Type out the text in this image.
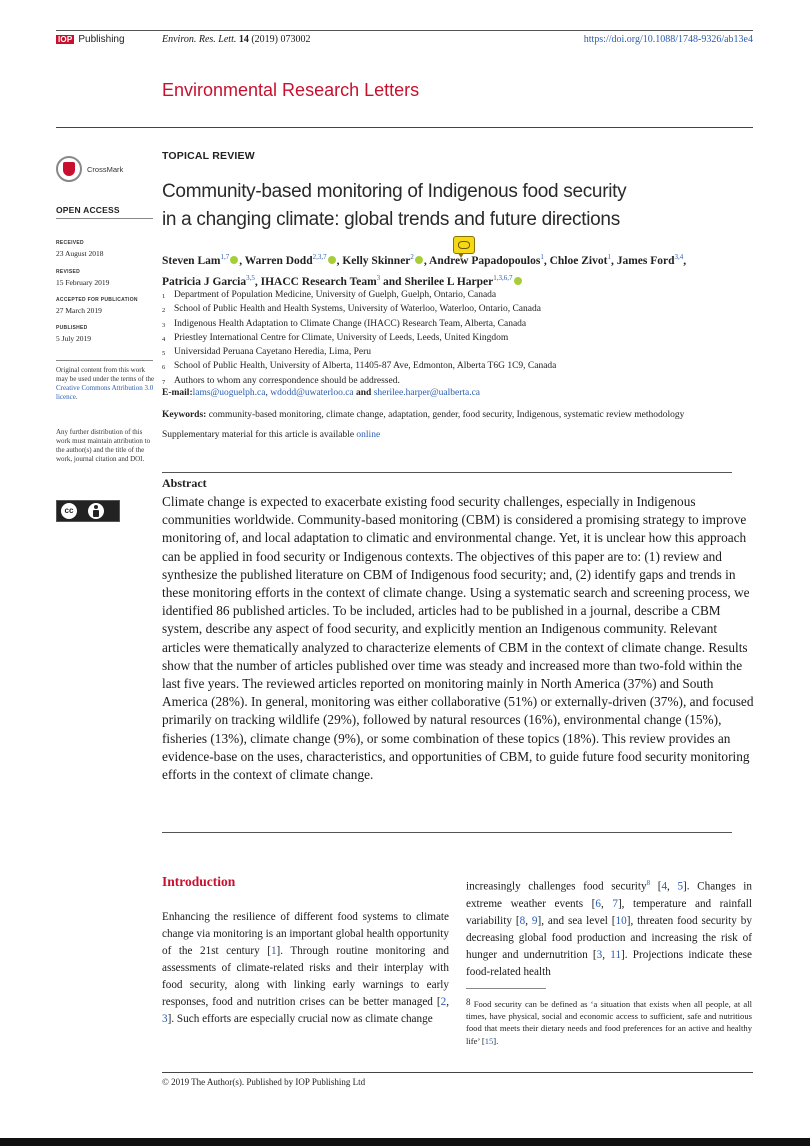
IOP Publishing	Environ. Res. Lett. 14 (2019) 073002	https://doi.org/10.1088/1748-9326/ab13e4
Environmental Research Letters
CrossMark
OPEN ACCESS
RECEIVED
23 August 2018
REVISED
15 February 2019
ACCEPTED FOR PUBLICATION
27 March 2019
PUBLISHED
5 July 2019
Original content from this work may be used under the terms of the Creative Commons Attribution 3.0 licence.
Any further distribution of this work must maintain attribution to the author(s) and the title of the work, journal citation and DOI.
cc
TOPICAL REVIEW
Community-based monitoring of Indigenous food security
in a changing climate: global trends and future directions
Steven Lam$^{1,7}$ , Warren Dodd$^{2,3,7}$ , Kelly Skinner$^2$ , Andrew Papadopoulos$^1$, Chloe Zivot$^1$, James Ford$^{3,4}$,
Patricia J Garcia$^{3,5}$, IHACC Research Team$^3$ and Sherilee L Harper$^{1,3,6,7}$
1 Department of Population Medicine, University of Guelph, Guelph, Ontario, Canada
2 School of Public Health and Health Systems, University of Waterloo, Waterloo, Ontario, Canada
3 Indigenous Health Adaptation to Climate Change (IHACC) Research Team, Alberta, Canada
4 Priestley International Centre for Climate, University of Leeds, Leeds, United Kingdom
5 Universidad Peruana Cayetano Heredia, Lima, Peru
6 School of Public Health, University of Alberta, 11405-87 Ave, Edmonton, Alberta T6G 1C9, Canada
7 Authors to whom any correspondence should be addressed.
E-mail:lams@uoguelph.ca, wdodd@uwaterloo.ca and sherilee.harper@ualberta.ca
Keywords: community-based monitoring, climate change, adaptation, gender, food security, Indigenous, systematic review methodology
Supplementary material for this article is available online
Abstract
Climate change is expected to exacerbate existing food security challenges, especially in Indigenous communities worldwide. Community-based monitoring (CBM) is considered a promising strategy to improve monitoring of, and local adaptation to climatic and environmental change. Yet, it is unclear how this approach can be applied in food security or Indigenous contexts. The objectives of this paper are to: (1) review and synthesize the published literature on CBM of Indigenous food security; and, (2) identify gaps and trends in these monitoring efforts in the context of climate change. Using a systematic search and screening process, we identified 86 published articles. To be included, articles had to be published in a journal, describe a CBM system, describe any aspect of food security, and explicitly mention an Indigenous community. Relevant articles were thematically analyzed to characterize elements of CBM in the context of climate change. Results show that the number of articles published over time was steady and increased more than two-fold within the last five years. The reviewed articles reported on monitoring mainly in North America (37%) and South America (28%). In general, monitoring was either collaborative (51%) or externally-driven (37%), and focused primarily on tracking wildlife (29%), followed by natural resources (16%), environmental change (15%), fisheries (13%), climate change (9%), or some combination of these topics (18%). This review provides an evidence-base on the uses, characteristics, and opportunities of CBM, to guide future food security monitoring efforts in the context of climate change.
Introduction
Enhancing the resilience of different food systems to climate change via monitoring is an important global health opportunity of the 21st century [1]. Through routine monitoring and assessments of climate-related risks and their interplay with food security, along with linking early warnings to early responses, food and nutrition crises can be better managed [2, 3]. Such efforts are especially crucial now as climate change
increasingly challenges food security$^8$ [4, 5]. Changes in extreme weather events [6, 7], temperature and rainfall variability [8, 9], and sea level [10], threaten food security by decreasing global food production and increasing the risk of hunger and undernutrition [3, 11]. Projections indicate these food-related health
8 Food security can be defined as ‘a situation that exists when all people, at all times, have physical, social and economic access to sufficient, safe and nutritious food that meets their dietary needs and food preferences for an active and healthy life’ [15].
© 2019 The Author(s). Published by IOP Publishing Ltd
